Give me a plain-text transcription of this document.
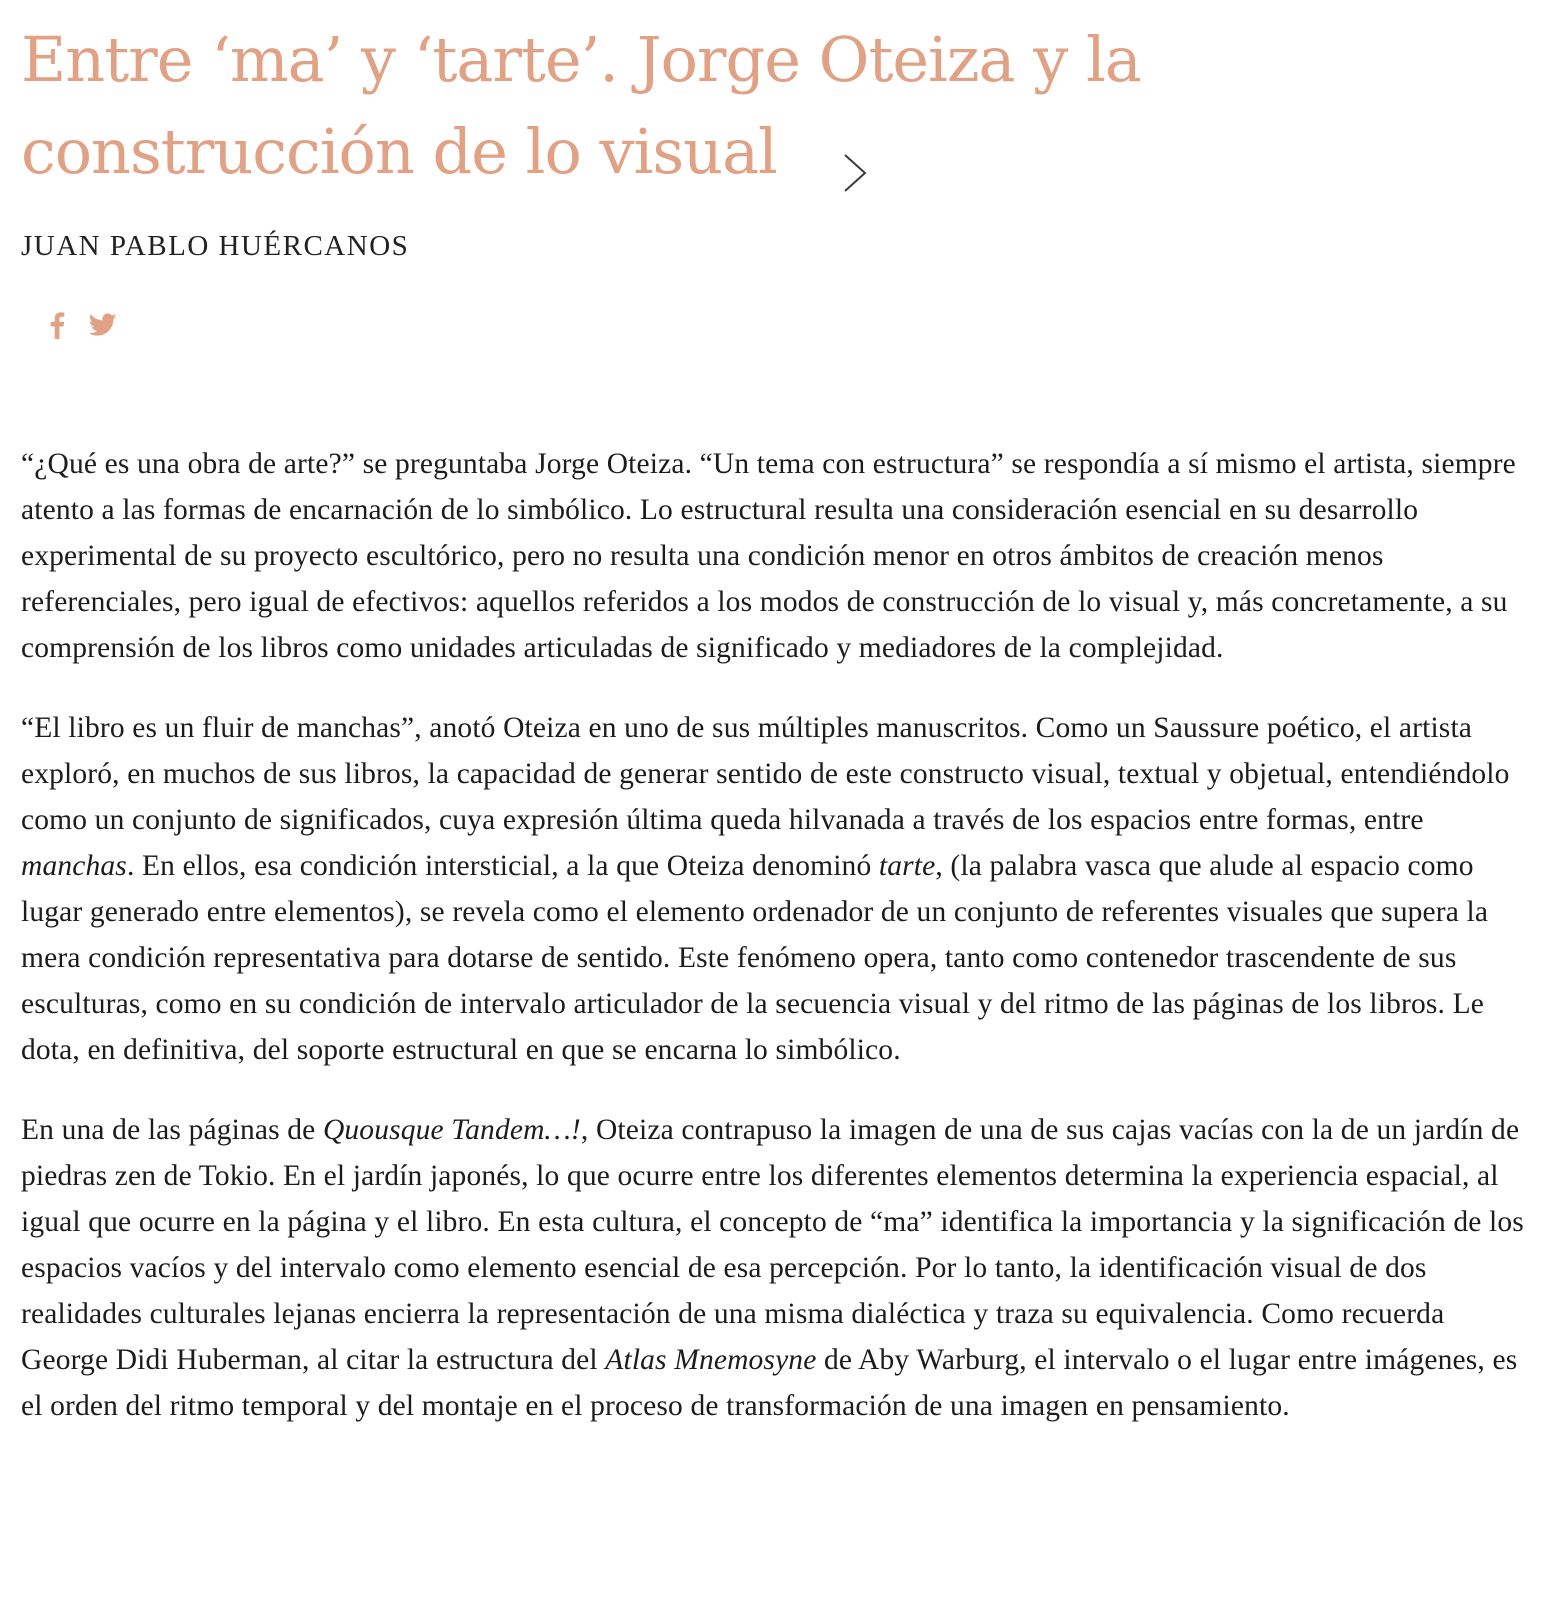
Entre ‘ma’ y ‘tarte’. Jorge Oteiza y la construcción de lo visual
JUAN PABLO HUÉRCANOS

“¿Qué es una obra de arte?” se preguntaba Jorge Oteiza. “Un tema con estructura” se respondía a sí mismo el artista, siempre atento a las formas de encarnación de lo simbólico. Lo estructural resulta una consideración esencial en su desarrollo experimental de su proyecto escultórico, pero no resulta una condición menor en otros ámbitos de creación menos referenciales, pero igual de efectivos: aquellos referidos a los modos de construcción de lo visual y, más concretamente, a su comprensión de los libros como unidades articuladas de significado y mediadores de la complejidad.

“El libro es un fluir de manchas”, anotó Oteiza en uno de sus múltiples manuscritos. Como un Saussure poético, el artista exploró, en muchos de sus libros, la capacidad de generar sentido de este constructo visual, textual y objetual, entendiéndolo como un conjunto de significados, cuya expresión última queda hilvanada a través de los espacios entre formas, entre manchas. En ellos, esa condición intersticial, a la que Oteiza denominó tarte, (la palabra vasca que alude al espacio como lugar generado entre elementos), se revela como el elemento ordenador de un conjunto de referentes visuales que supera la mera condición representativa para dotarse de sentido. Este fenómeno opera, tanto como contenedor trascendente de sus esculturas, como en su condición de intervalo articulador de la secuencia visual y del ritmo de las páginas de los libros. Le dota, en definitiva, del soporte estructural en que se encarna lo simbólico.

En una de las páginas de Quousque Tandem…!, Oteiza contrapuso la imagen de una de sus cajas vacías con la de un jardín de piedras zen de Tokio. En el jardín japonés, lo que ocurre entre los diferentes elementos determina la experiencia espacial, al igual que ocurre en la página y el libro. En esta cultura, el concepto de “ma” identifica la importancia y la significación de los espacios vacíos y del intervalo como elemento esencial de esa percepción. Por lo tanto, la identificación visual de dos realidades culturales lejanas encierra la representación de una misma dialéctica y traza su equivalencia. Como recuerda George Didi Huberman, al citar la estructura del Atlas Mnemosyne de Aby Warburg, el intervalo o el lugar entre imágenes, es el orden del ritmo temporal y del montaje en el proceso de transformación de una imagen en pensamiento.
